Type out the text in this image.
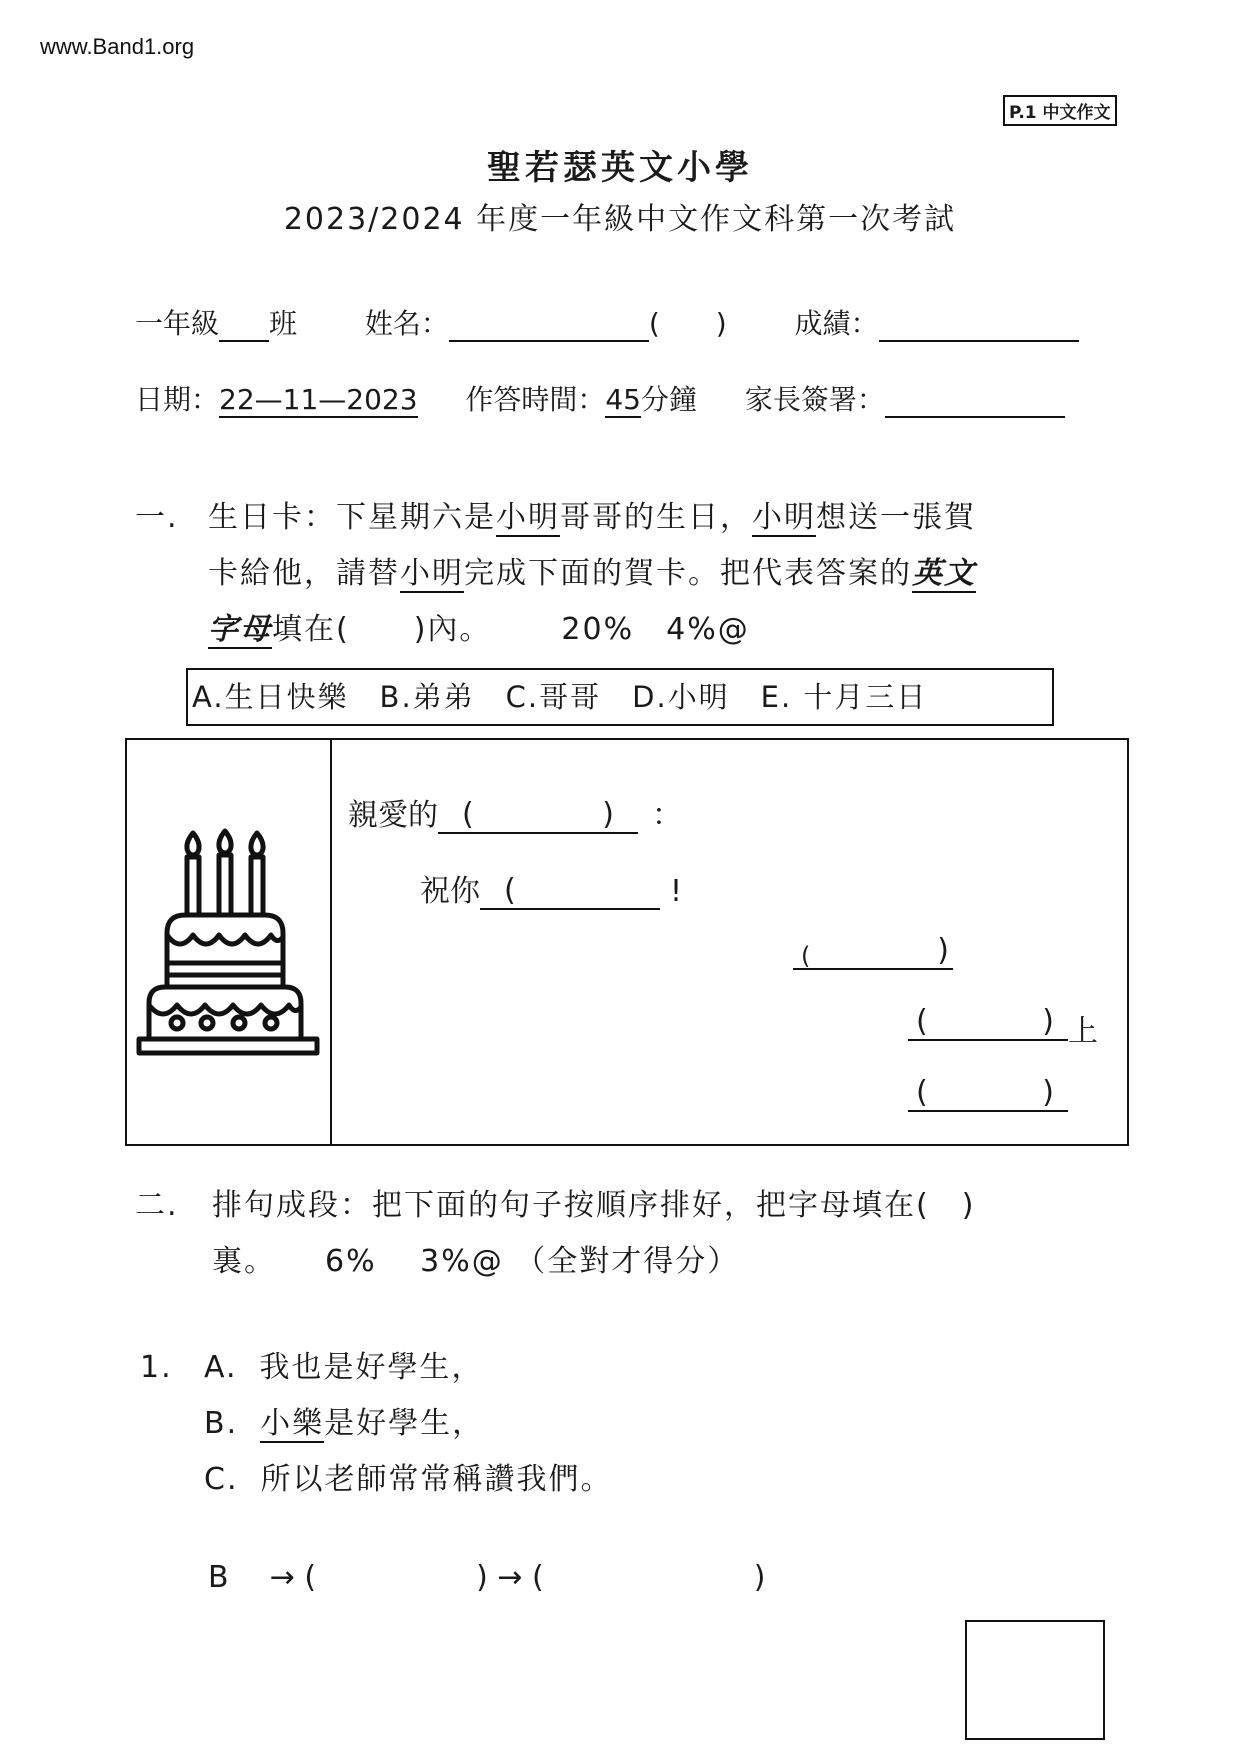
www.Band1.org
P.1 中文作文
聖若瑟英文小學
2023/2024 年度一年級中文作文科第一次考試
一年級 班 姓名：	(　　) 成績：
日期：22—11—2023 作答時間：45分鐘 家長簽署：
一. 生日卡：下星期六是小明哥哥的生日，小明想送一張賀
卡給他，請替小明完成下面的賀卡。把代表答案的英文
字母填在(　　)內。 20%　4%@
A.生日快樂　B.弟弟　C.哥哥　D.小明　E. 十月三日
親愛的 (	) ：
祝你 (	!
(	)
(	) 上
(	)
二. 排句成段：把下面的句子按順序排好，把字母填在(　)
裏。　　6%　 3%@ （全對才得分）
1. A. 我也是好學生，
B. 小樂是好學生，
C. 所以老師常常稱讚我們。
B → (	) → (	)
